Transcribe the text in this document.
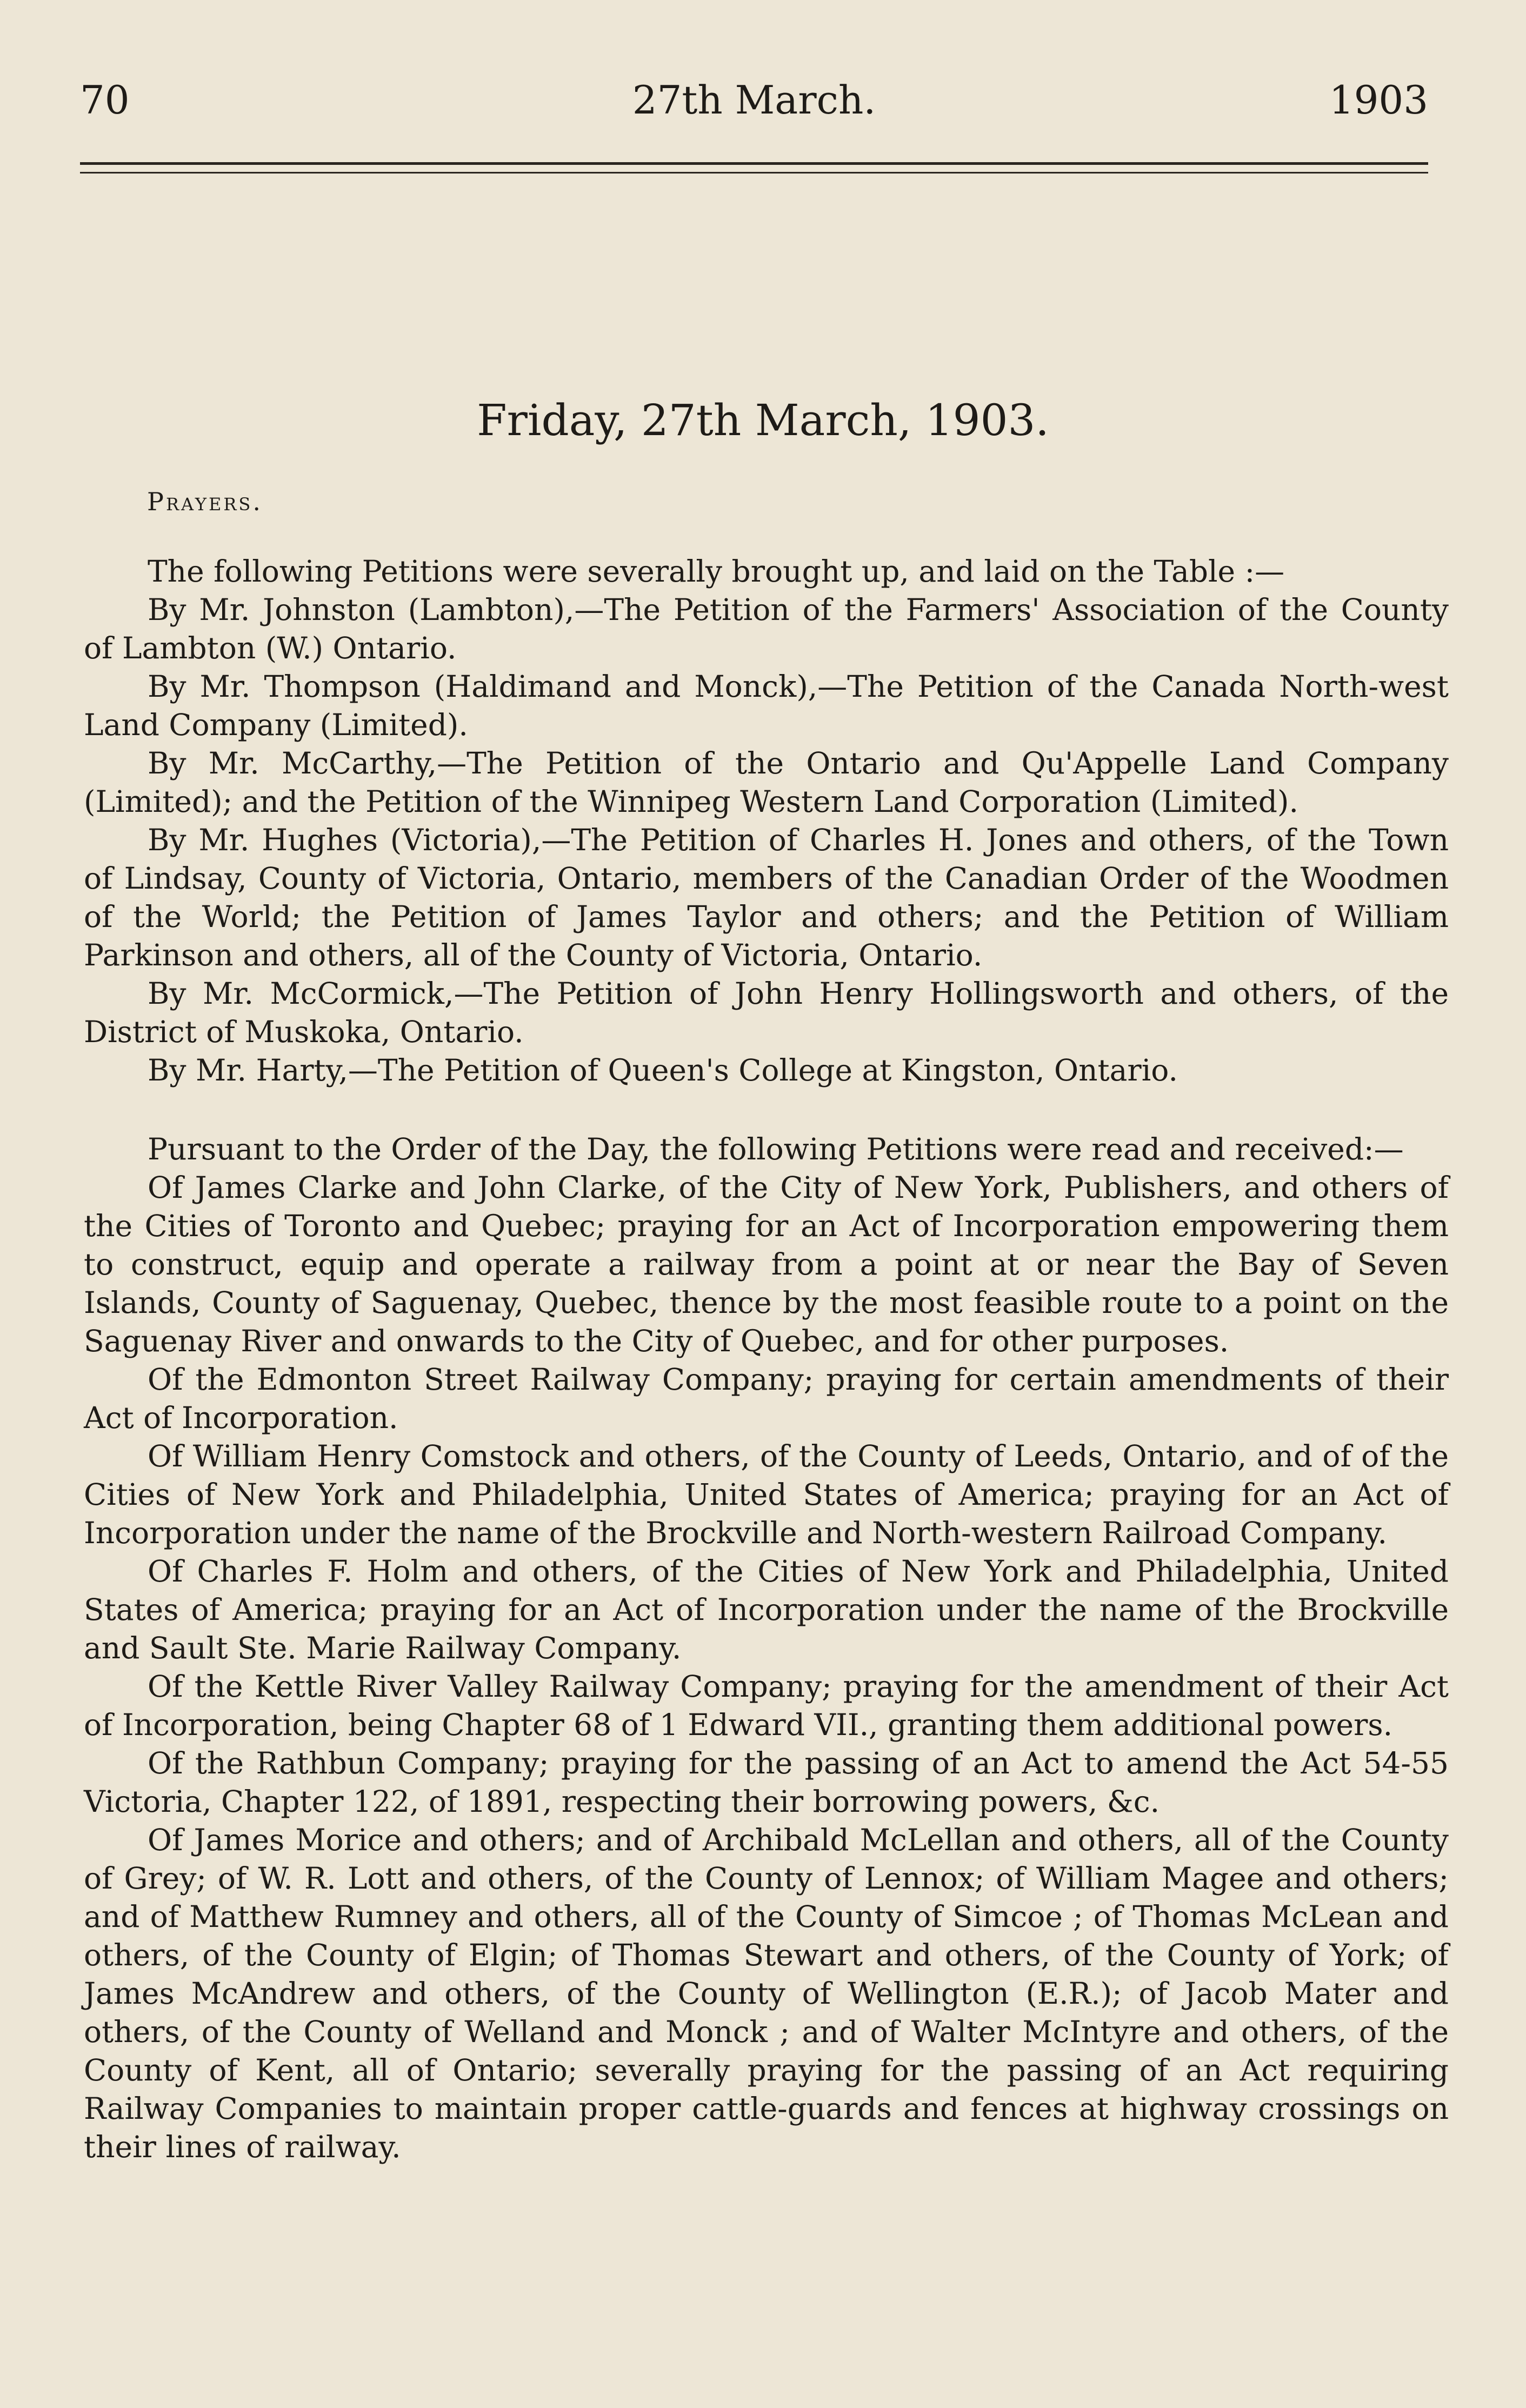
70	27th March.	1903
Friday, 27th March, 1903.
Prayers.

The following Petitions were severally brought up, and laid on the Table :—

By Mr. Johnston (Lambton),—The Petition of the Farmers' Association of the County of Lambton (W.) Ontario.

By Mr. Thompson (Haldimand and Monck),—The Petition of the Canada North-west Land Company (Limited).

By Mr. McCarthy,—The Petition of the Ontario and Qu'Appelle Land Company (Limited); and the Petition of the Winnipeg Western Land Corporation (Limited).

By Mr. Hughes (Victoria),—The Petition of Charles H. Jones and others, of the Town of Lindsay, County of Victoria, Ontario, members of the Canadian Order of the Woodmen of the World; the Petition of James Taylor and others; and the Petition of William Parkinson and others, all of the County of Victoria, Ontario.

By Mr. McCormick,—The Petition of John Henry Hollingsworth and others, of the District of Muskoka, Ontario.

By Mr. Harty,—The Petition of Queen's College at Kingston, Ontario.

Pursuant to the Order of the Day, the following Petitions were read and received:—

Of James Clarke and John Clarke, of the City of New York, Publishers, and others of the Cities of Toronto and Quebec; praying for an Act of Incorporation empowering them to construct, equip and operate a railway from a point at or near the Bay of Seven Islands, County of Saguenay, Quebec, thence by the most feasible route to a point on the Saguenay River and onwards to the City of Quebec, and for other purposes.

Of the Edmonton Street Railway Company; praying for certain amendments of their Act of Incorporation.

Of William Henry Comstock and others, of the County of Leeds, Ontario, and of of the Cities of New York and Philadelphia, United States of America; praying for an Act of Incorporation under the name of the Brockville and North-western Railroad Company.

Of Charles F. Holm and others, of the Cities of New York and Philadelphia, United States of America; praying for an Act of Incorporation under the name of the Brockville and Sault Ste. Marie Railway Company.

Of the Kettle River Valley Railway Company; praying for the amendment of their Act of Incorporation, being Chapter 68 of 1 Edward VII., granting them additional powers.

Of the Rathbun Company; praying for the passing of an Act to amend the Act 54-55 Victoria, Chapter 122, of 1891, respecting their borrowing powers, &c.

Of James Morice and others; and of Archibald McLellan and others, all of the County of Grey; of W. R. Lott and others, of the County of Lennox; of William Magee and others; and of Matthew Rumney and others, all of the County of Simcoe ; of Thomas McLean and others, of the County of Elgin; of Thomas Stewart and others, of the County of York; of James McAndrew and others, of the County of Wellington (E.R.); of Jacob Mater and others, of the County of Welland and Monck ; and of Walter McIntyre and others, of the County of Kent, all of Ontario; severally praying for the passing of an Act requiring Railway Companies to maintain proper cattle-guards and fences at highway crossings on their lines of railway.
